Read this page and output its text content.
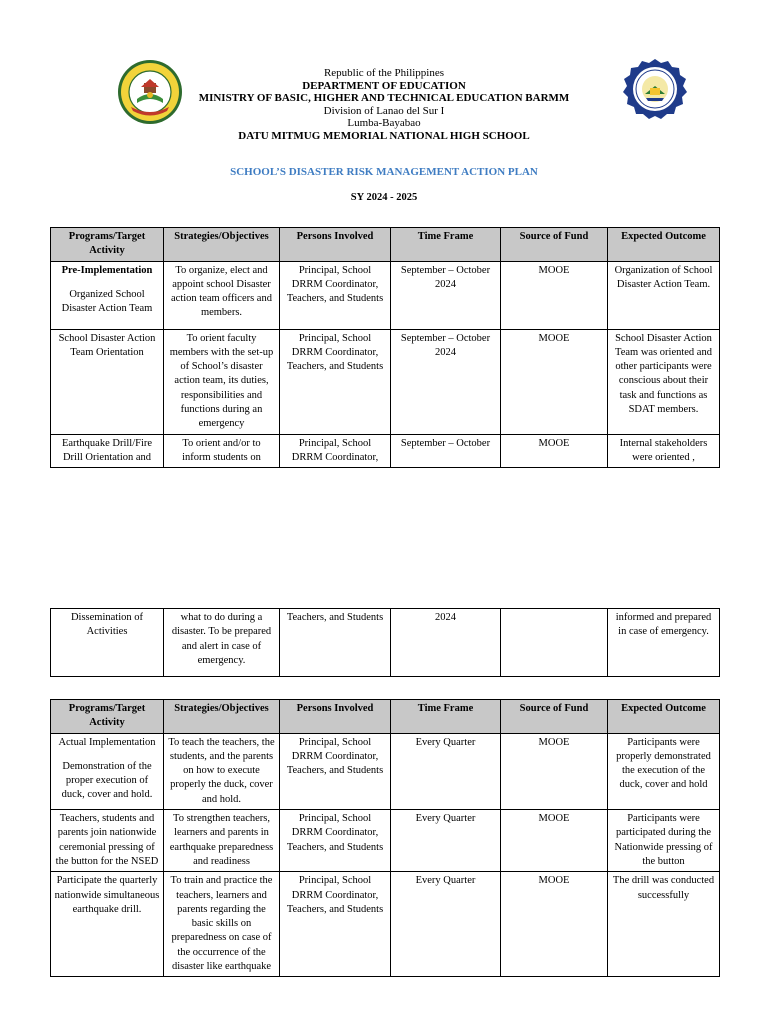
Republic of the Philippines
DEPARTMENT OF EDUCATION
MINISTRY OF BASIC, HIGHER AND TECHNICAL EDUCATION BARMM
Division of Lanao del Sur I
Lumba-Bayabao
DATU MITMUG MEMORIAL NATIONAL HIGH SCHOOL
SCHOOL’S DISASTER RISK MANAGEMENT ACTION PLAN
SY 2024 - 2025
Programs/Target Activity	Strategies/Objectives	Persons Involved	Time Frame	Source of Fund	Expected Outcome
Pre-Implementation
Organized School Disaster Action Team	To organize, elect and appoint school Disaster action team officers and members.	Principal, School DRRM Coordinator, Teachers, and Students	September – October 2024	MOOE	Organization of School Disaster Action Team.
School Disaster Action Team Orientation	To orient faculty members with the set-up of School’s disaster action team, its duties, responsibilities and functions during an emergency	Principal, School DRRM Coordinator, Teachers, and Students	September – October 2024	MOOE	School Disaster Action Team was oriented and other participants were conscious about their task and functions as SDAT members.
Earthquake Drill/Fire Drill Orientation and	To orient and/or to inform students on	Principal, School DRRM Coordinator,	September – October	MOOE	Internal stakeholders were oriented ,
Dissemination of Activities	what to do during a disaster. To be prepared and alert in case of emergency.	Teachers, and Students	2024		informed and prepared in case of emergency.
Programs/Target Activity	Strategies/Objectives	Persons Involved	Time Frame	Source of Fund	Expected Outcome
Actual Implementation
Demonstration of the proper execution of duck, cover and hold.	To teach the teachers, the students, and the parents on how to execute properly the duck, cover and hold.	Principal, School DRRM Coordinator, Teachers, and Students	Every Quarter	MOOE	Participants were properly demonstrated the execution of the duck, cover and hold
Teachers, students and parents join nationwide ceremonial pressing of the button for the NSED	To strengthen teachers, learners and parents in earthquake preparedness and readiness	Principal, School DRRM Coordinator, Teachers, and Students	Every Quarter	MOOE	Participants were participated during the Nationwide pressing of the button
Participate the quarterly nationwide simultaneous earthquake drill.	To train and practice the teachers, learners and parents regarding the basic skills on preparedness on case of the occurrence of the disaster like earthquake	Principal, School DRRM Coordinator, Teachers, and Students	Every Quarter	MOOE	The drill was conducted successfully
